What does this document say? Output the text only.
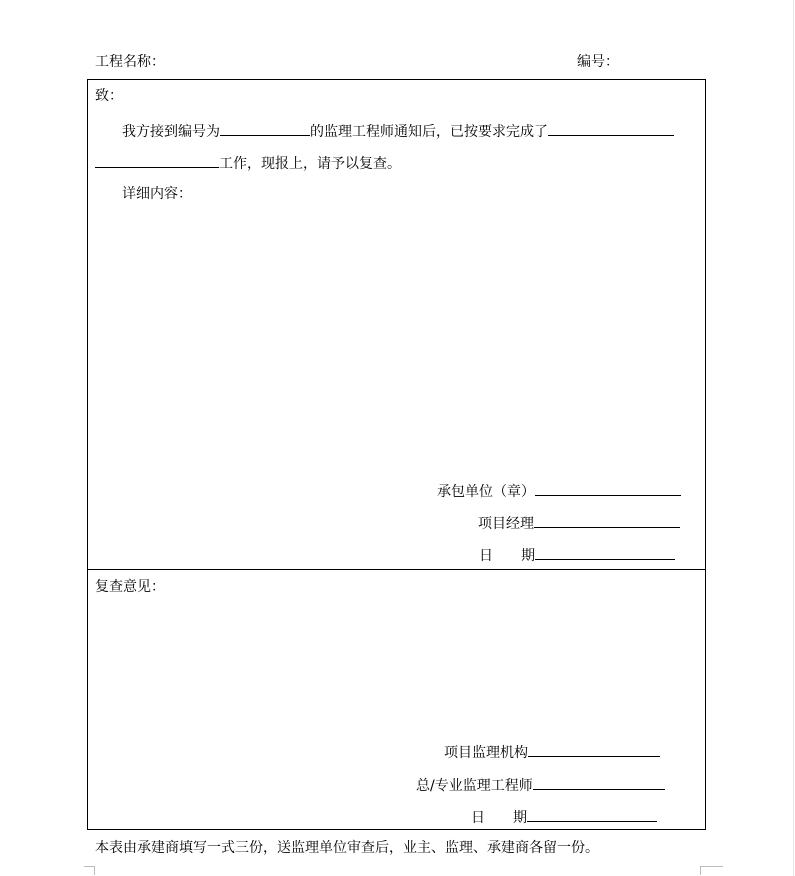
工程名称：	编号：
致：
我方接到编号为	的监理工程师通知后，已按要求完成了
工作，现报上，请予以复查。
详细内容：
承包单位（章）
项目经理
日　　期
复查意见：
项目监理机构
总/专业监理工程师
日　　期
本表由承建商填写一式三份，送监理单位审查后，业主、监理、承建商各留一份。
